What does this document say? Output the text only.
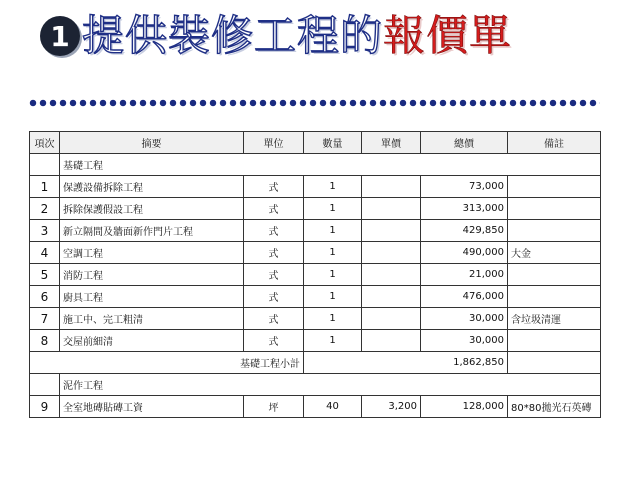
1 提供裝修工程的 報價單
項次	摘要	單位	數量	單價	總價	備註
	基礎工程					
1	保護設備拆除工程	式	1		73,000	
2	拆除保護假設工程	式	1		313,000	
3	新立隔間及牆面新作門片工程	式	1		429,850	
4	空調工程	式	1		490,000	大金
5	消防工程	式	1		21,000	
6	廚具工程	式	1		476,000	
7	施工中、完工粗清	式	1		30,000	含垃圾清運
8	交屋前細清	式	1		30,000	
基礎工程小計			1,862,850			
	泥作工程					
9	全室地磚貼磚工資	坪	40	3,200	128,000	80*80拋光石英磚
